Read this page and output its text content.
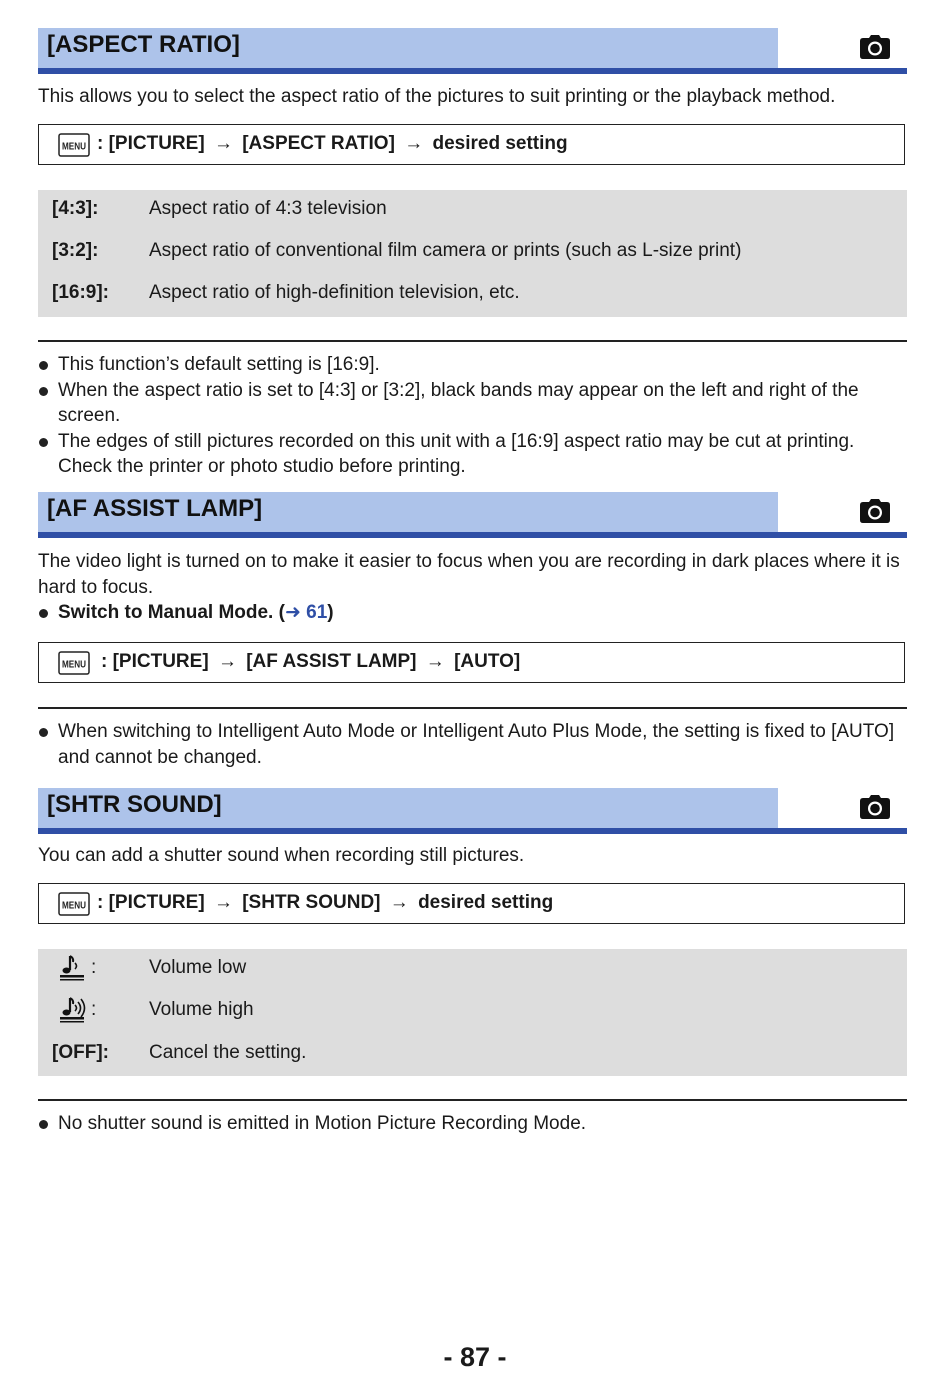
[ASPECT RATIO]
This allows you to select the aspect ratio of the pictures to suit printing or the playback method.
: [PICTURE] → [ASPECT RATIO] → desired setting
[4:3]:	Aspect ratio of 4:3 television
[3:2]:	Aspect ratio of conventional film camera or prints (such as L-size print)
[16:9]: Aspect ratio of high-definition television, etc.
This function’s default setting is [16:9].
When the aspect ratio is set to [4:3] or [3:2], black bands may appear on the left and right of the screen.
The edges of still pictures recorded on this unit with a [16:9] aspect ratio may be cut at printing. Check the printer or photo studio before printing.
[AF ASSIST LAMP]
The video light is turned on to make it easier to focus when you are recording in dark places where it is hard to focus.
Switch to Manual Mode. (➜ 61)
: [PICTURE] → [AF ASSIST LAMP] → [AUTO]
When switching to Intelligent Auto Mode or Intelligent Auto Plus Mode, the setting is fixed to [AUTO] and cannot be changed.
[SHTR SOUND]
You can add a shutter sound when recording still pictures.
: [PICTURE] → [SHTR SOUND] → desired setting
:	Volume low
:	Volume high
[OFF]: Cancel the setting.
No shutter sound is emitted in Motion Picture Recording Mode.
- 87 -
